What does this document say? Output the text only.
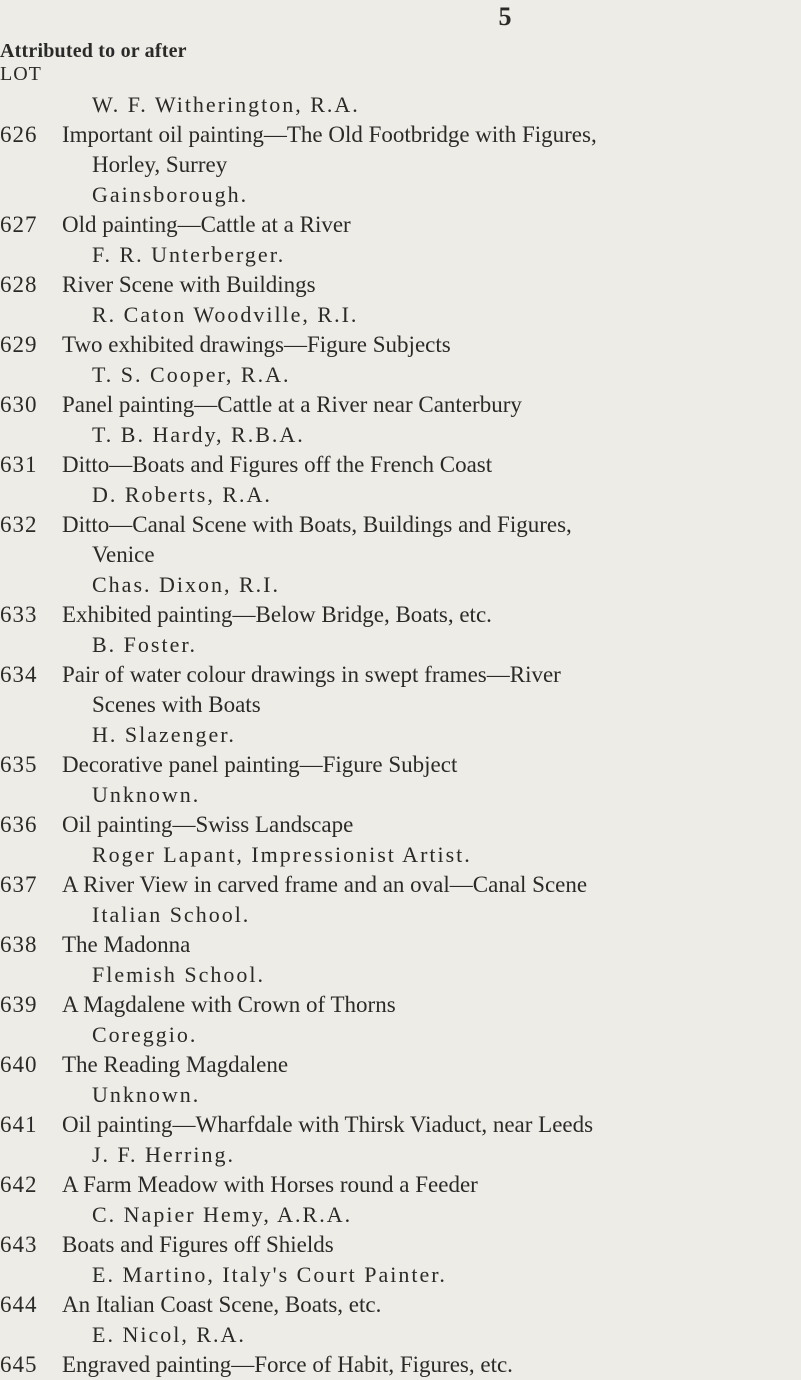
5
Attributed to or after
LOT
W. F. Witherington, R.A.
626	Important oil painting—The Old Footbridge with Figures,
Horley, Surrey
Gainsborough.
627	Old painting—Cattle at a River
F. R. Unterberger.
628	River Scene with Buildings
R. Caton Woodville, R.I.
629	Two exhibited drawings—Figure Subjects
T. S. Cooper, R.A.
630	Panel painting—Cattle at a River near Canterbury
T. B. Hardy, R.B.A.
631	Ditto—Boats and Figures off the French Coast
D. Roberts, R.A.
632	Ditto—Canal Scene with Boats, Buildings and Figures,
Venice
Chas. Dixon, R.I.
633	Exhibited painting—Below Bridge, Boats, etc.
B. Foster.
634	Pair of water colour drawings in swept frames—River
Scenes with Boats
H. Slazenger.
635	Decorative panel painting—Figure Subject
Unknown.
636	Oil painting—Swiss Landscape
Roger Lapant, Impressionist Artist.
637	A River View in carved frame and an oval—Canal Scene
Italian School.
638	The Madonna
Flemish School.
639	A Magdalene with Crown of Thorns
Coreggio.
640	The Reading Magdalene
Unknown.
641	Oil painting—Wharfdale with Thirsk Viaduct, near Leeds
J. F. Herring.
642	A Farm Meadow with Horses round a Feeder
C. Napier Hemy, A.R.A.
643	Boats and Figures off Shields
E. Martino, Italy's Court Painter.
644	An Italian Coast Scene, Boats, etc.
E. Nicol, R.A.
645	Engraved painting—Force of Habit, Figures, etc.
